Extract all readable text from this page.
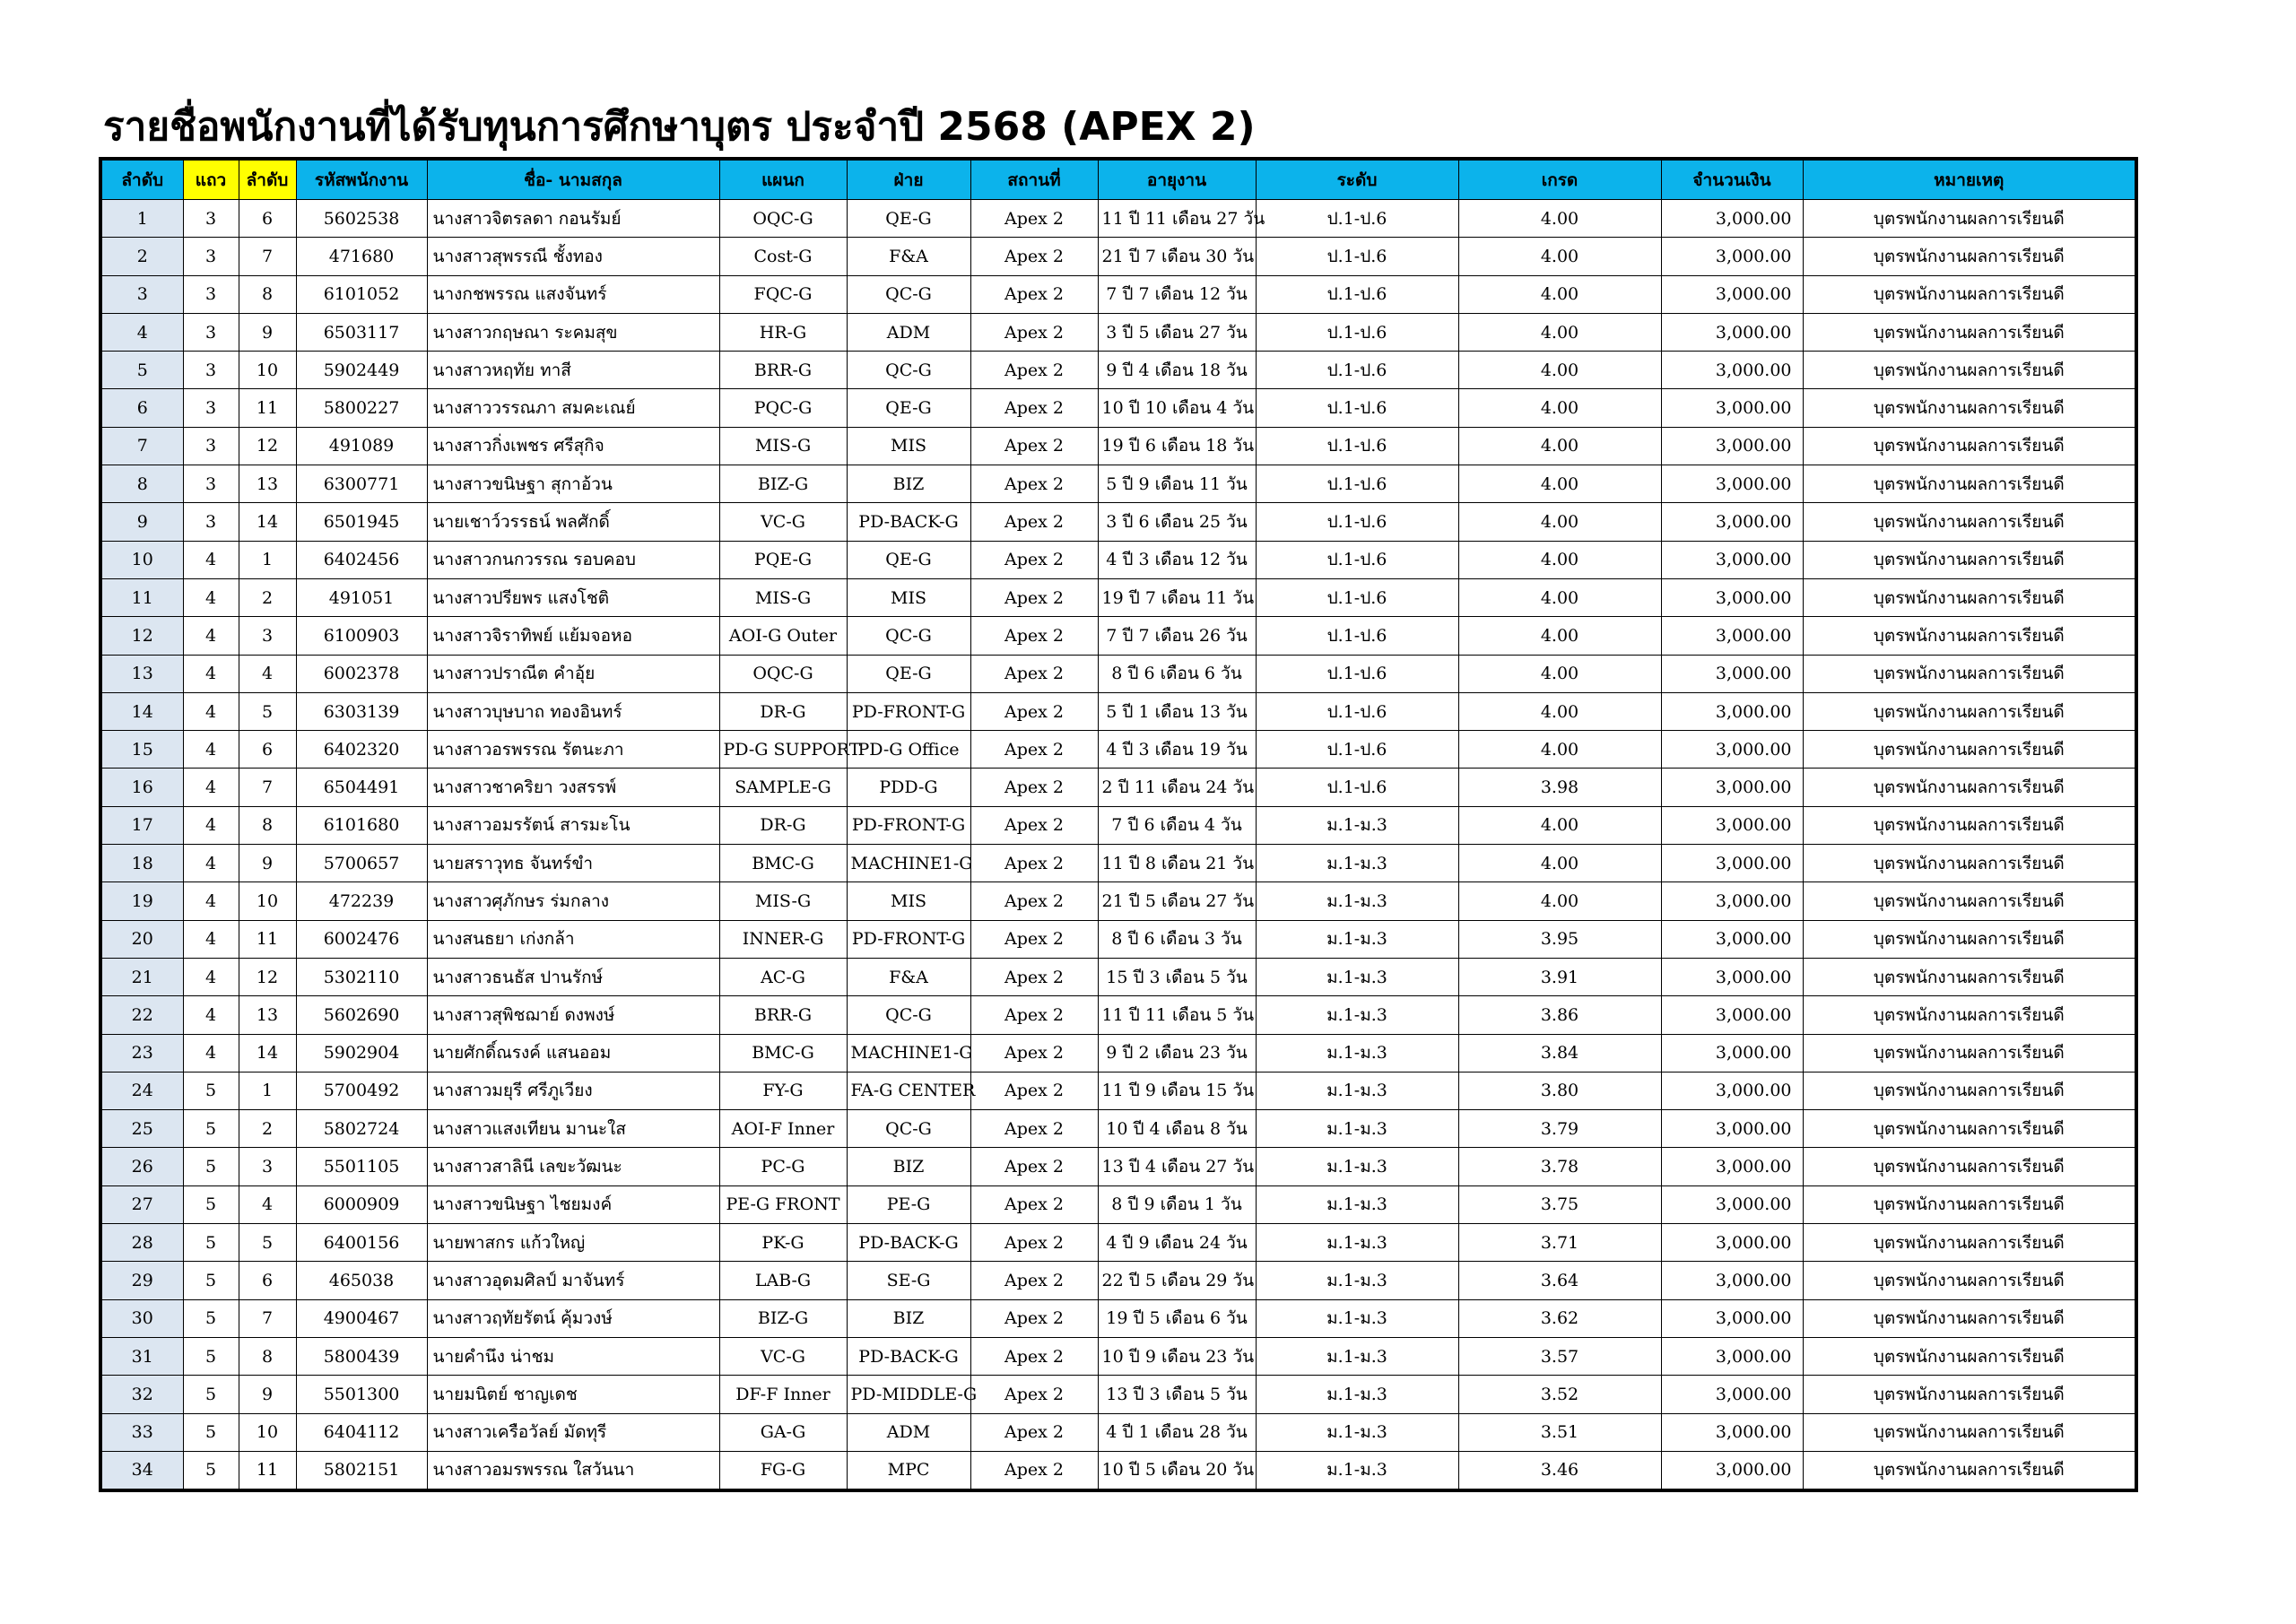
รายชื่อพนักงานที่ได้รับทุนการศึกษาบุตร ประจำปี 2568 (APEX 2)
ลำดับ	แถว	ลำดับ	รหัสพนักงาน	ชื่อ- นามสกุล	แผนก	ฝ่าย	สถานที่	อายุงาน	ระดับ	เกรด	จำนวนเงิน	หมายเหตุ
1	3	6	5602538	นางสาวจิตรลดา กอนรัมย์	OQC-G	QE-G	Apex 2	11 ปี 11 เดือน 27 วัน	ป.1-ป.6	4.00	3,000.00	บุตรพนักงานผลการเรียนดี
2	3	7	471680	นางสาวสุพรรณี ชั้งทอง	Cost-G	F&A	Apex 2	21 ปี 7 เดือน 30 วัน	ป.1-ป.6	4.00	3,000.00	บุตรพนักงานผลการเรียนดี
3	3	8	6101052	นางกชพรรณ แสงจันทร์	FQC-G	QC-G	Apex 2	7 ปี 7 เดือน 12 วัน	ป.1-ป.6	4.00	3,000.00	บุตรพนักงานผลการเรียนดี
4	3	9	6503117	นางสาวกฤษณา ระคมสุข	HR-G	ADM	Apex 2	3 ปี 5 เดือน 27 วัน	ป.1-ป.6	4.00	3,000.00	บุตรพนักงานผลการเรียนดี
5	3	10	5902449	นางสาวหฤทัย ทาสี	BRR-G	QC-G	Apex 2	9 ปี 4 เดือน 18 วัน	ป.1-ป.6	4.00	3,000.00	บุตรพนักงานผลการเรียนดี
6	3	11	5800227	นางสาววรรณภา สมคะเณย์	PQC-G	QE-G	Apex 2	10 ปี 10 เดือน 4 วัน	ป.1-ป.6	4.00	3,000.00	บุตรพนักงานผลการเรียนดี
7	3	12	491089	นางสาวกิ่งเพชร ศรีสุกิจ	MIS-G	MIS	Apex 2	19 ปี 6 เดือน 18 วัน	ป.1-ป.6	4.00	3,000.00	บุตรพนักงานผลการเรียนดี
8	3	13	6300771	นางสาวขนิษฐา สุกาอ้วน	BIZ-G	BIZ	Apex 2	5 ปี 9 เดือน 11 วัน	ป.1-ป.6	4.00	3,000.00	บุตรพนักงานผลการเรียนดี
9	3	14	6501945	นายเชาว์วรรธน์ พลศักดิ์	VC-G	PD-BACK-G	Apex 2	3 ปี 6 เดือน 25 วัน	ป.1-ป.6	4.00	3,000.00	บุตรพนักงานผลการเรียนดี
10	4	1	6402456	นางสาวกนกวรรณ รอบคอบ	PQE-G	QE-G	Apex 2	4 ปี 3 เดือน 12 วัน	ป.1-ป.6	4.00	3,000.00	บุตรพนักงานผลการเรียนดี
11	4	2	491051	นางสาวปรียพร แสงโชติ	MIS-G	MIS	Apex 2	19 ปี 7 เดือน 11 วัน	ป.1-ป.6	4.00	3,000.00	บุตรพนักงานผลการเรียนดี
12	4	3	6100903	นางสาวจิราทิพย์ แย้มจอหอ	AOI-G Outer	QC-G	Apex 2	7 ปี 7 เดือน 26 วัน	ป.1-ป.6	4.00	3,000.00	บุตรพนักงานผลการเรียนดี
13	4	4	6002378	นางสาวปราณีต คำอุ้ย	OQC-G	QE-G	Apex 2	8 ปี 6 เดือน 6 วัน	ป.1-ป.6	4.00	3,000.00	บุตรพนักงานผลการเรียนดี
14	4	5	6303139	นางสาวบุษบาถ ทองอินทร์	DR-G	PD-FRONT-G	Apex 2	5 ปี 1 เดือน 13 วัน	ป.1-ป.6	4.00	3,000.00	บุตรพนักงานผลการเรียนดี
15	4	6	6402320	นางสาวอรพรรณ รัตนะภา	PD-G SUPPORT	PD-G Office	Apex 2	4 ปี 3 เดือน 19 วัน	ป.1-ป.6	4.00	3,000.00	บุตรพนักงานผลการเรียนดี
16	4	7	6504491	นางสาวชาคริยา วงสรรพ์	SAMPLE-G	PDD-G	Apex 2	2 ปี 11 เดือน 24 วัน	ป.1-ป.6	3.98	3,000.00	บุตรพนักงานผลการเรียนดี
17	4	8	6101680	นางสาวอมรรัตน์ สารมะโน	DR-G	PD-FRONT-G	Apex 2	7 ปี 6 เดือน 4 วัน	ม.1-ม.3	4.00	3,000.00	บุตรพนักงานผลการเรียนดี
18	4	9	5700657	นายสราวุทธ จันทร์ขำ	BMC-G	MACHINE1-G	Apex 2	11 ปี 8 เดือน 21 วัน	ม.1-ม.3	4.00	3,000.00	บุตรพนักงานผลการเรียนดี
19	4	10	472239	นางสาวศุภักษร ร่มกลาง	MIS-G	MIS	Apex 2	21 ปี 5 เดือน 27 วัน	ม.1-ม.3	4.00	3,000.00	บุตรพนักงานผลการเรียนดี
20	4	11	6002476	นางสนธยา เก่งกล้า	INNER-G	PD-FRONT-G	Apex 2	8 ปี 6 เดือน 3 วัน	ม.1-ม.3	3.95	3,000.00	บุตรพนักงานผลการเรียนดี
21	4	12	5302110	นางสาวธนธัส ปานรักษ์	AC-G	F&A	Apex 2	15 ปี 3 เดือน 5 วัน	ม.1-ม.3	3.91	3,000.00	บุตรพนักงานผลการเรียนดี
22	4	13	5602690	นางสาวสุพิชฌาย์ ดงพงษ์	BRR-G	QC-G	Apex 2	11 ปี 11 เดือน 5 วัน	ม.1-ม.3	3.86	3,000.00	บุตรพนักงานผลการเรียนดี
23	4	14	5902904	นายศักดิ์ณรงค์ แสนออม	BMC-G	MACHINE1-G	Apex 2	9 ปี 2 เดือน 23 วัน	ม.1-ม.3	3.84	3,000.00	บุตรพนักงานผลการเรียนดี
24	5	1	5700492	นางสาวมยุรี ศรีภูเวียง	FY-G	FA-G CENTER	Apex 2	11 ปี 9 เดือน 15 วัน	ม.1-ม.3	3.80	3,000.00	บุตรพนักงานผลการเรียนดี
25	5	2	5802724	นางสาวแสงเทียน มานะใส	AOI-F Inner	QC-G	Apex 2	10 ปี 4 เดือน 8 วัน	ม.1-ม.3	3.79	3,000.00	บุตรพนักงานผลการเรียนดี
26	5	3	5501105	นางสาวสาลินี เลขะวัฒนะ	PC-G	BIZ	Apex 2	13 ปี 4 เดือน 27 วัน	ม.1-ม.3	3.78	3,000.00	บุตรพนักงานผลการเรียนดี
27	5	4	6000909	นางสาวขนิษฐา ไชยมงค์	PE-G FRONT	PE-G	Apex 2	8 ปี 9 เดือน 1 วัน	ม.1-ม.3	3.75	3,000.00	บุตรพนักงานผลการเรียนดี
28	5	5	6400156	นายพาสกร แก้วใหญ่	PK-G	PD-BACK-G	Apex 2	4 ปี 9 เดือน 24 วัน	ม.1-ม.3	3.71	3,000.00	บุตรพนักงานผลการเรียนดี
29	5	6	465038	นางสาวอุดมศิลป์ มาจันทร์	LAB-G	SE-G	Apex 2	22 ปี 5 เดือน 29 วัน	ม.1-ม.3	3.64	3,000.00	บุตรพนักงานผลการเรียนดี
30	5	7	4900467	นางสาวฤทัยรัตน์ คุ้มวงษ์	BIZ-G	BIZ	Apex 2	19 ปี 5 เดือน 6 วัน	ม.1-ม.3	3.62	3,000.00	บุตรพนักงานผลการเรียนดี
31	5	8	5800439	นายคำนึง น่าชม	VC-G	PD-BACK-G	Apex 2	10 ปี 9 เดือน 23 วัน	ม.1-ม.3	3.57	3,000.00	บุตรพนักงานผลการเรียนดี
32	5	9	5501300	นายมนิตย์ ชาญเดช	DF-F Inner	PD-MIDDLE-G	Apex 2	13 ปี 3 เดือน 5 วัน	ม.1-ม.3	3.52	3,000.00	บุตรพนักงานผลการเรียนดี
33	5	10	6404112	นางสาวเครือวัลย์ มัดทุรี	GA-G	ADM	Apex 2	4 ปี 1 เดือน 28 วัน	ม.1-ม.3	3.51	3,000.00	บุตรพนักงานผลการเรียนดี
34	5	11	5802151	นางสาวอมรพรรณ ใสวันนา	FG-G	MPC	Apex 2	10 ปี 5 เดือน 20 วัน	ม.1-ม.3	3.46	3,000.00	บุตรพนักงานผลการเรียนดี
